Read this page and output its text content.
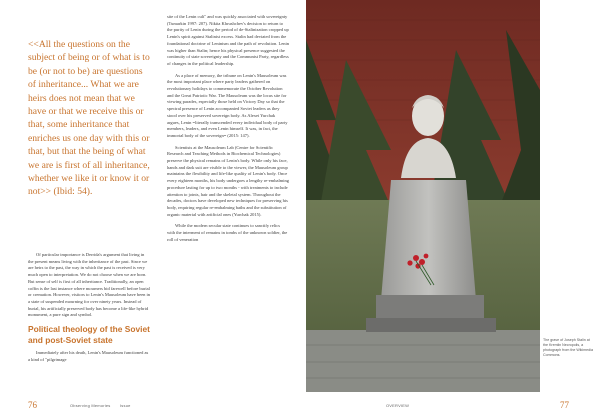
<<All the questions on the subject of being or of what is to be (or not to be) are questions of inheritance... What we are heirs does not mean that we have or that we receive this or that, some inheritance that enriches us one day with this or that, but that the being of what we are is first of all inheritance, whether we like it or know it or not>> (Ibid: 54).

Of particular importance is Derrida's argument that living in the present means living with the inheritance of the past. Since we are heirs to the past, the way in which the past is received is very much open to interpretation. We do not choose when we are born. But sense of self is first of all inheritance. Traditionally, an open coffin is the last instance where mourners bid farewell before burial or cremation. However, visitors to Lenin's Mausoleum have been in a state of suspended mourning for over ninety years. Instead of burial, his artificially preserved body has become a life-like hybrid monument, a pure sign and symbol.

Political theology of the Soviet and post-Soviet state

Immediately after his death, Lenin's Mausoleum functioned as a kind of "pilgrimage

76	Observing Memories Issue

site of the Lenin cult" and was quickly associated with sovereignty (Tumarkin 1997: 207). Nikita Khrushchev's decision to return to the purity of Lenin during the period of de-Stalinization cropped up Lenin's spirit against Stalinist excess. Stalin had deviated from the foundational doctrine of Leninism and the path of revolution. Lenin was higher than Stalin; hence his physical presence suggested the continuity of state sovereignty and the Communist Party, regardless of changes in the political leadership.

As a place of memory, the tribune on Lenin's Mausoleum was the most important place where party leaders gathered on revolutionary holidays to commemorate the October Revolution and the Great Patriotic War. The Mausoleum was the locus site for viewing parades, especially those held on Victory Day so that the spectral presence of Lenin accompanied Soviet leaders as they stood over his preserved sovereign body. As Alexei Yurchak argues, Lenin =literally transcended every individual body of party members, leaders, and even Lenin himself. It was, in fact, the immortal body of the sovereign= (2015: 147).

Scientists at the Mausoleum Lab (Centre for Scientific Research and Teaching Methods in Biochemical Technologies) preserve the physical remains of Lenin's body. While only his face, hands and dark suit are visible to the viewer, the Mausoleum group maintains the flexibility and life-like quality of Lenin's body. Once every eighteen months, his body undergoes a lengthy re-embalming procedure lasting for up to two months - with treatments to include attention to joints, hair and the skeletal system. Throughout the decades, doctors have developed new techniques for preserving his body, requiring regular re-embalming baths and the substitution of organic material with artificial ones (Yurchak 2015).

While the modern secular state continues to sanctify relics with the interment of remains in tombs of the unknown soldier, the roll of veneration

The grave of Joseph Stalin at the Kremlin Necropolis, a photograph from the Wikimedia Commons.
OVERVIEW	77
